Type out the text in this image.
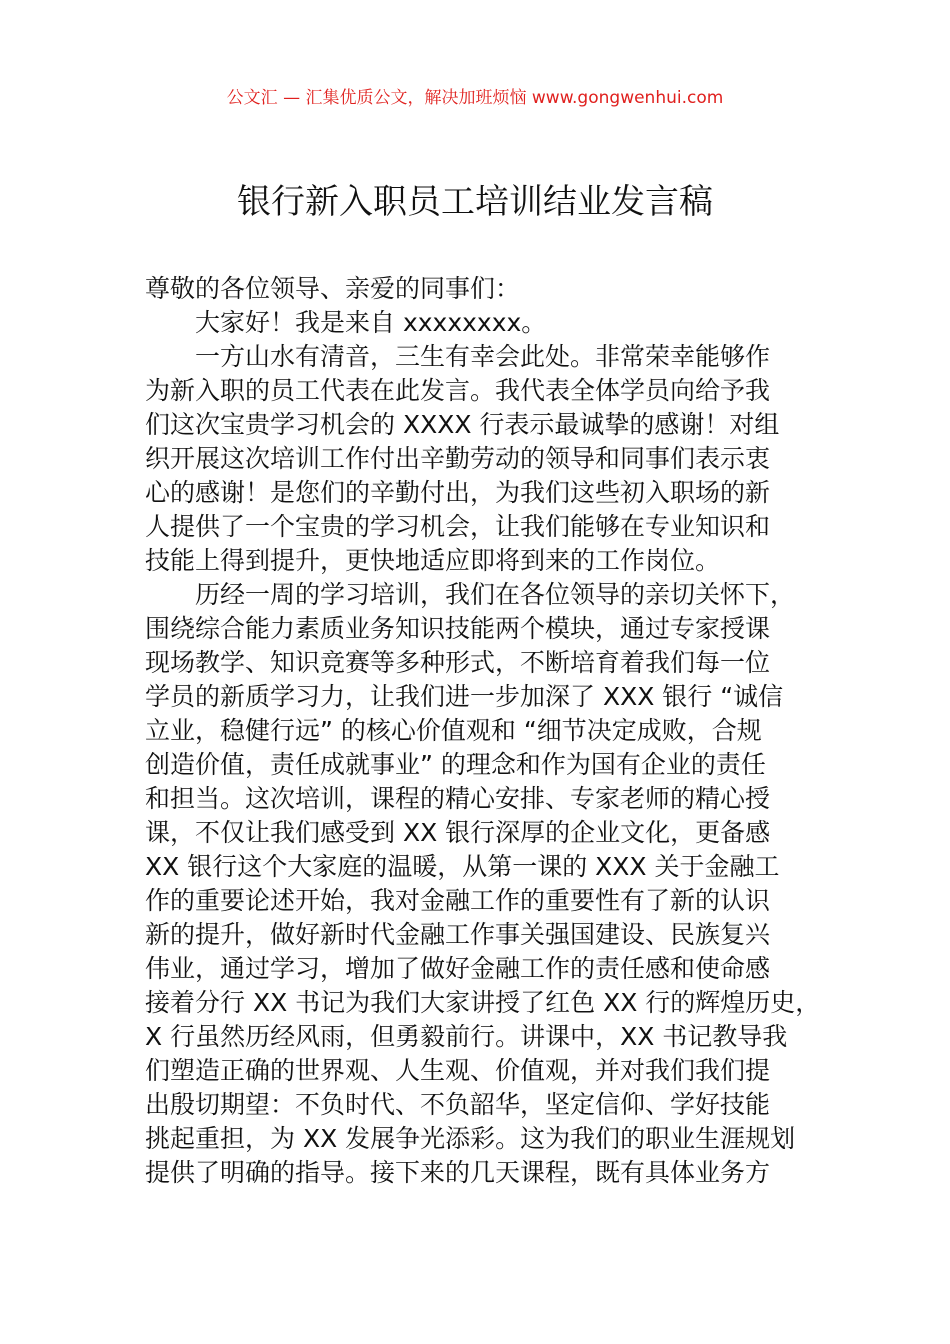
公文汇 — 汇集优质公文，解决加班烦恼 www.gongwenhui.com
银行新入职员工培训结业发言稿
尊敬的各位领导、亲爱的同事们：
大家好！我是来自 xxxxxxxx。
一方山水有清音，三生有幸会此处。非常荣幸能够作
为新入职的员工代表在此发言。我代表全体学员向给予我
们这次宝贵学习机会的 XXXX 行表示最诚挚的感谢！对组
织开展这次培训工作付出辛勤劳动的领导和同事们表示衷
心的感谢！是您们的辛勤付出，为我们这些初入职场的新
人提供了一个宝贵的学习机会，让我们能够在专业知识和
技能上得到提升，更快地适应即将到来的工作岗位。
历经一周的学习培训，我们在各位领导的亲切关怀下，
围绕综合能力素质业务知识技能两个模块，通过专家授课
现场教学、知识竞赛等多种形式，不断培育着我们每一位
学员的新质学习力，让我们进一步加深了 XXX 银行 “诚信
立业，稳健行远” 的核心价值观和 “细节决定成败，合规
创造价值，责任成就事业” 的理念和作为国有企业的责任
和担当。这次培训，课程的精心安排、专家老师的精心授
课，不仅让我们感受到 XX 银行深厚的企业文化，更备感
XX 银行这个大家庭的温暖，从第一课的 XXX 关于金融工
作的重要论述开始，我对金融工作的重要性有了新的认识
新的提升，做好新时代金融工作事关强国建设、民族复兴
伟业，通过学习，增加了做好金融工作的责任感和使命感
接着分行 XX 书记为我们大家讲授了红色 XX 行的辉煌历史，
X 行虽然历经风雨，但勇毅前行。讲课中，XX 书记教导我
们塑造正确的世界观、人生观、价值观，并对我们我们提
出殷切期望：不负时代、不负韶华，坚定信仰、学好技能
挑起重担，为 XX 发展争光添彩。这为我们的职业生涯规划
提供了明确的指导。接下来的几天课程，既有具体业务方
